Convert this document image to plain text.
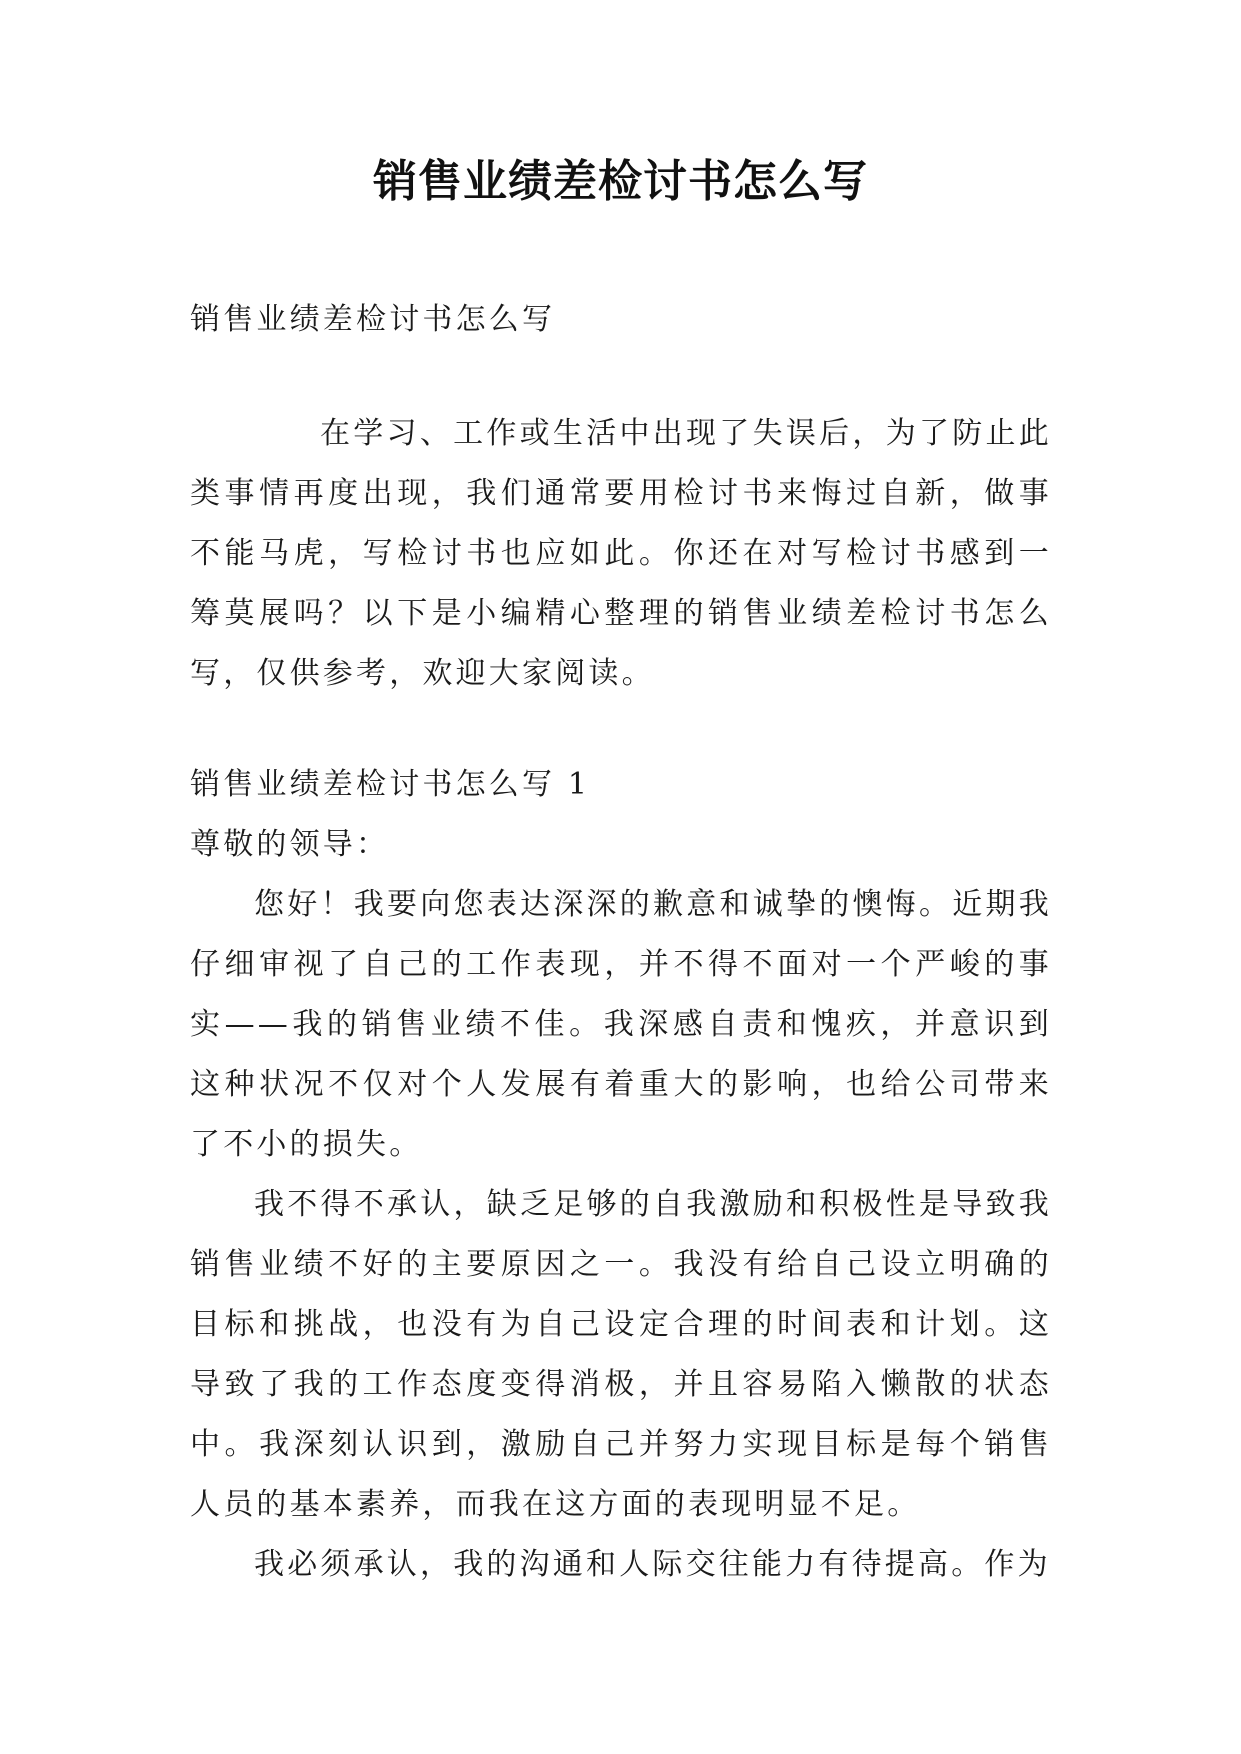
销售业绩差检讨书怎么写
销售业绩差检讨书怎么写
在学习、工作或生活中出现了失误后，为了防止此类事情再度出现，我们通常要用检讨书来悔过自新，做事不能马虎，写检讨书也应如此。你还在对写检讨书感到一筹莫展吗？以下是小编精心整理的销售业绩差检讨书怎么写，仅供参考，欢迎大家阅读。

销售业绩差检讨书怎么写 1

尊敬的领导：

您好！我要向您表达深深的歉意和诚挚的懊悔。近期我仔细审视了自己的工作表现，并不得不面对一个严峻的事实——我的销售业绩不佳。我深感自责和愧疚，并意识到这种状况不仅对个人发展有着重大的影响，也给公司带来了不小的损失。

我不得不承认，缺乏足够的自我激励和积极性是导致我销售业绩不好的主要原因之一。我没有给自己设立明确的目标和挑战，也没有为自己设定合理的时间表和计划。这导致了我的工作态度变得消极，并且容易陷入懒散的状态中。我深刻认识到，激励自己并努力实现目标是每个销售人员的基本素养，而我在这方面的表现明显不足。

我必须承认，我的沟通和人际交往能力有待提高。作为
